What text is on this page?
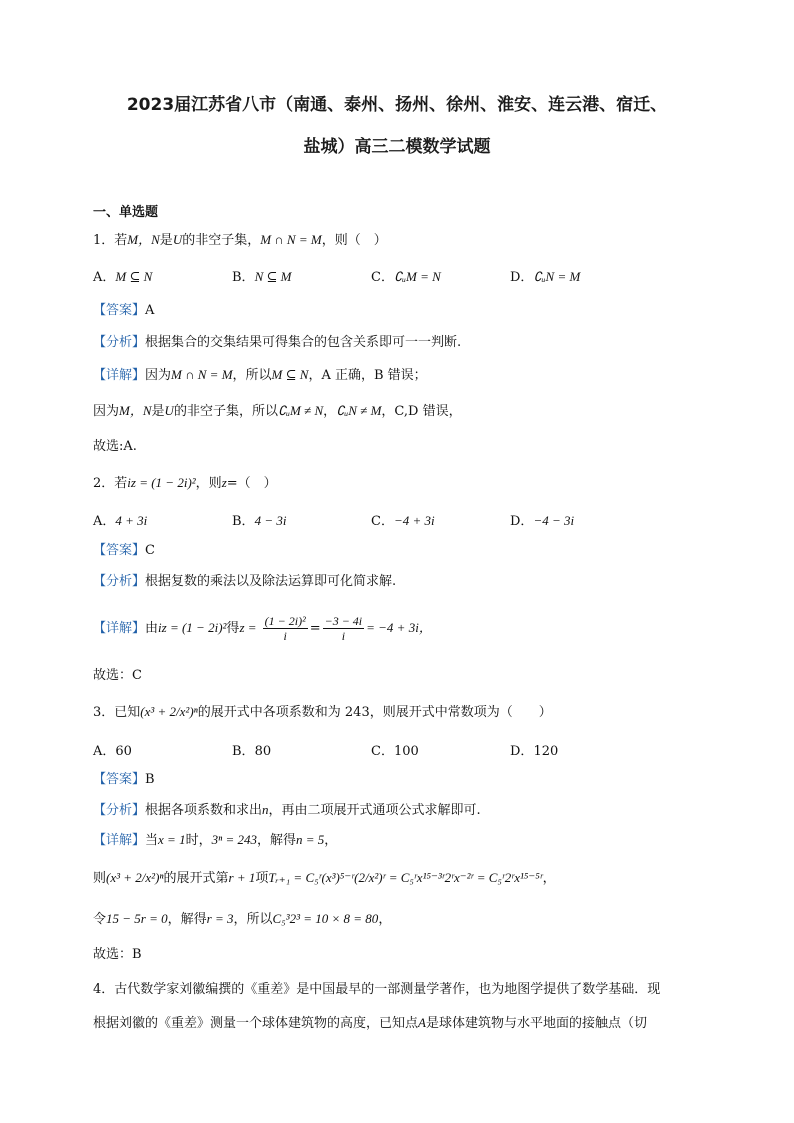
2023届江苏省八市（南通、泰州、扬州、徐州、淮安、连云港、宿迁、
盐城）高三二模数学试题
一、单选题
1．若M，N是U的非空子集，M ∩ N = M，则（　）
A．M ⊆ N	B．N ⊆ M	C．∁ᵤM = N	D．∁ᵤN = M
【答案】A
【分析】根据集合的交集结果可得集合的包含关系即可一一判断.
【详解】因为M ∩ N = M，所以M ⊆ N，A 正确，B 错误；
因为M，N是U的非空子集，所以∁ᵤM ≠ N，∁ᵤN ≠ M，C,D 错误，
故选:A.
2．若iz = (1 − 2i)²，则z=（　）
A．4 + 3i	B．4 − 3i	C．−4 + 3i	D．−4 − 3i
【答案】C
【分析】根据复数的乘法以及除法运算即可化简求解.
【详解】由iz = (1 − 2i)²得$z = \frac{\text{(1 − 2i)²}}{i} = \frac{-3 - 4i}{i} = -4 + 3i$，
故选：C
3．已知(x³ + 2/x²)ⁿ的展开式中各项系数和为 243，则展开式中常数项为（　　）
A．60	B．80	C．100	D．120
【答案】B
【分析】根据各项系数和求出n，再由二项展开式通项公式求解即可.
【详解】当x = 1时，3ⁿ = 243，解得n = 5，
则(x³ + 2/x²)ⁿ的展开式第r + 1项Tᵣ₊₁ = C₅ʳ(x³)⁵⁻ʳ(2/x²)ʳ = C₅ʳx¹⁵⁻³ʳ2ʳx⁻²ʳ = C₅ʳ2ʳx¹⁵⁻⁵ʳ，
令15 − 5r = 0，解得r = 3，所以C₅³2³ = 10 × 8 = 80，
故选：B
4．古代数学家刘徽编撰的《重差》是中国最早的一部测量学著作，也为地图学提供了数学基础．现
根据刘徽的《重差》测量一个球体建筑物的高度，已知点A是球体建筑物与水平地面的接触点（切
